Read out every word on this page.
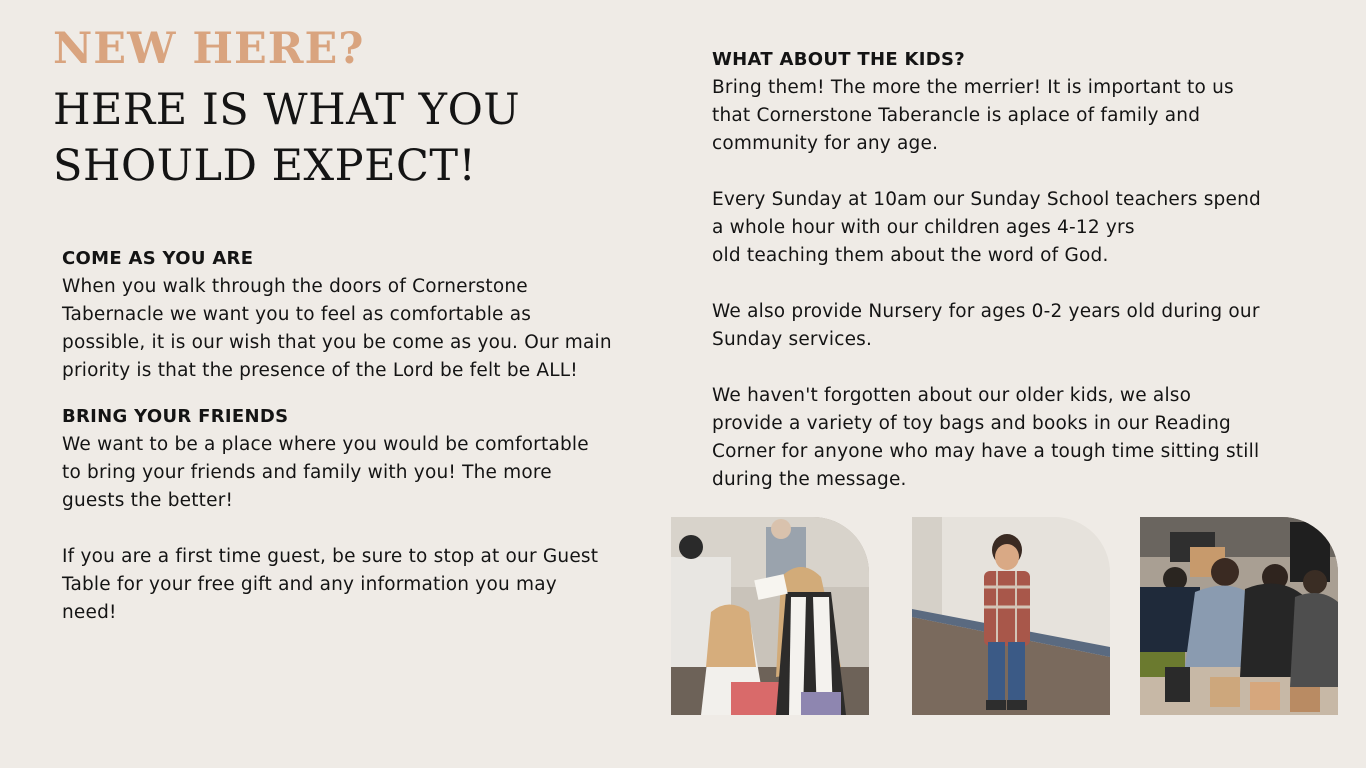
NEW HERE?
HERE IS WHAT YOU SHOULD EXPECT!
COME AS YOU ARE

When you walk through the doors of Cornerstone
Tabernacle we want you to feel as comfortable as
possible, it is our wish that you be come as you. Our main
priority is that the presence of the Lord be felt be ALL!

BRING YOUR FRIENDS

We want to be a place where you would be comfortable
to bring your friends and family with you! The more
guests the better!

If you are a first time guest, be sure to stop at our Guest
Table for your free gift and any information you may
need!

WHAT ABOUT THE KIDS?

Bring them! The more the merrier! It is important to us
that Cornerstone Taberancle is aplace of family and
community for any age.

Every Sunday at 10am our Sunday School teachers spend
a whole hour with our children ages 4-12 yrs
old teaching them about the word of God.

We also provide Nursery for ages 0-2 years old during our
Sunday services.

We haven't forgotten about our older kids, we also
provide a variety of toy bags and books in our Reading
Corner for anyone who may have a tough time sitting still
during the message.
